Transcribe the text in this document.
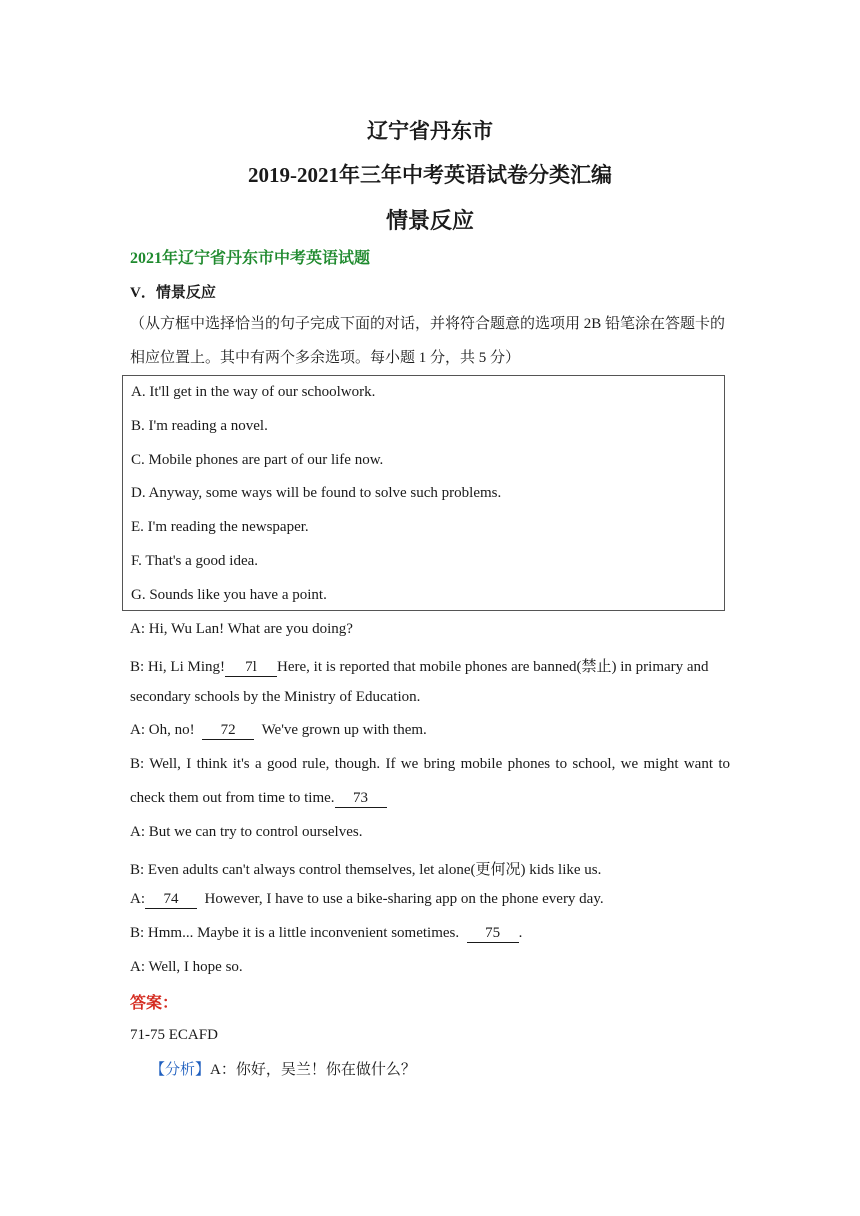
辽宁省丹东市
2019-2021年三年中考英语试卷分类汇编
情景反应
2021年辽宁省丹东市中考英语试题
V．情景反应
（从方框中选择恰当的句子完成下面的对话，并将符合题意的选项用 2B 铅笔涂在答题卡的
相应位置上。其中有两个多余选项。每小题 1 分，共 5 分）
A. It'll get in the way of our schoolwork.
B. I'm reading a novel.
C. Mobile phones are part of our life now.
D. Anyway, some ways will be found to solve such problems.
E. I'm reading the newspaper.
F. That's a good idea.
G. Sounds like you have a point.
A: Hi, Wu Lan! What are you doing?
B: Hi, Li Ming! 7l Here, it is reported that mobile phones are banned(禁止) in primary and
secondary schools by the Ministry of Education.
A: Oh, no! 72 We've grown up with them.
B: Well, I think it's a good rule, though. If we bring mobile phones to school, we might want to
check them out from time to time. 73
A: But we can try to control ourselves.
B: Even adults can't always control themselves, let alone(更何况) kids like us.
A: 74 However, I have to use a bike-sharing app on the phone every day.
B: Hmm... Maybe it is a little inconvenient sometimes. 75 .
A: Well, I hope so.
答案：
71-75 ECAFD
【分析】A：你好，吴兰！你在做什么？
